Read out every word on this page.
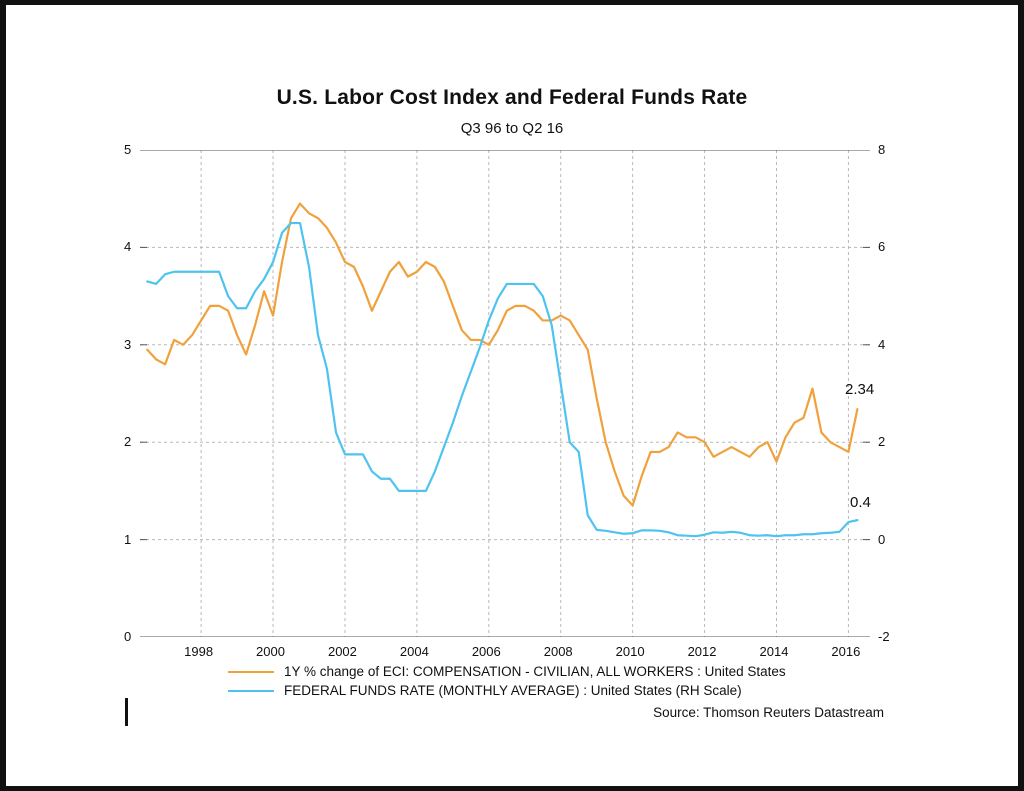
U.S. Labor Cost Index and Federal Funds Rate
Q3 96 to Q2 16
0
1
2
3
4
5
-2
0
2
4
6
8
1998	2000	2002	2004	2006	2008	2010	2012	2014	2016
2.34
0.4
1Y % change of ECI: COMPENSATION - CIVILIAN, ALL WORKERS : United States
FEDERAL FUNDS RATE (MONTHLY AVERAGE) : United States (RH Scale)
Source: Thomson Reuters Datastream
